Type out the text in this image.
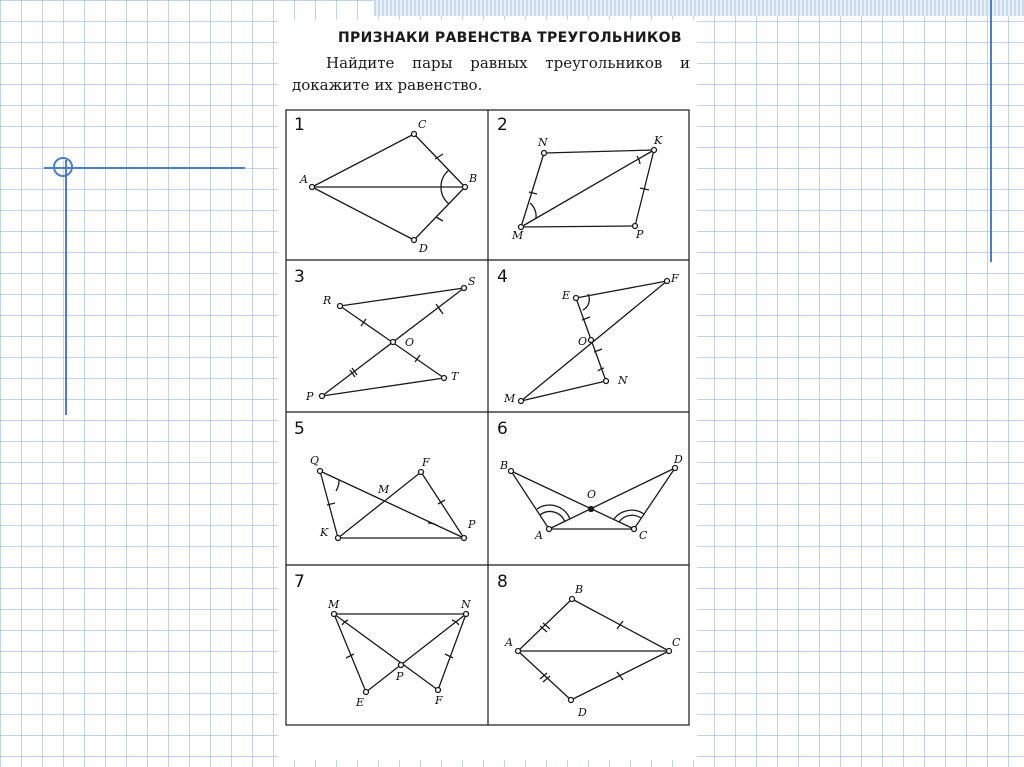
ПРИЗНАКИ РАВЕНСТВА ТРЕУГОЛЬНИКОВ
Найдите пары равных треугольников и докажите их равенство.
1
A
C
B
D
2
N	K
M	P
3
R
S
O
P
T
4
E
F
O
M
N
5
Q	F
M
K
P
6
B	D
O
A	C
7
M	N
P
E	F
8	B
A	C
D
